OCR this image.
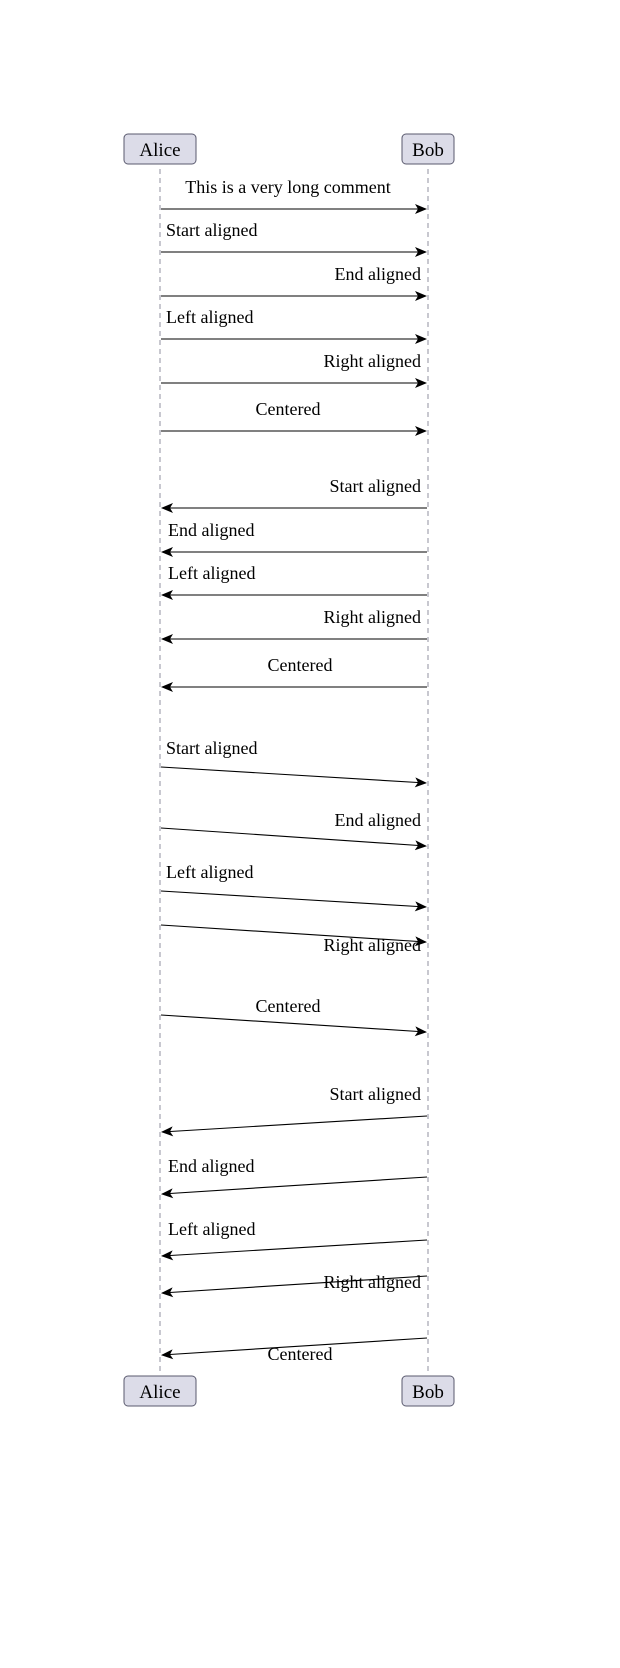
This is a very long comment
Start aligned
End aligned
Left aligned
Right aligned
Centered
Start aligned
End aligned
Left aligned
Right aligned
Centered
Start aligned
End aligned
Left aligned
Right aligned
Centered
Start aligned
End aligned
Left aligned
Right aligned
Centered
Alice
Alice
Bob
Bob
